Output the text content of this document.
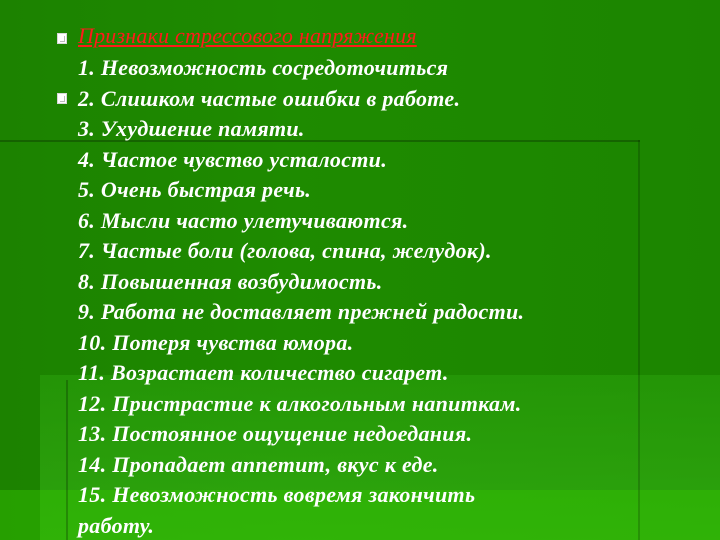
Признаки стрессового напряжения
1. Невозможность сосредоточиться
2. Слишком частые ошибки в работе.
3. Ухудшение памяти.
4. Частое чувство усталости.
5. Очень быстрая речь.
6. Мысли часто улетучиваются.
7. Частые боли (голова, спина, желудок).
8. Повышенная возбудимость.
9. Работа не доставляет прежней радости.
10. Потеря чувства юмора.
11. Возрастает количество сигарет.
12. Пристрастие к алкогольным напиткам.
13. Постоянное ощущение недоедания.
14. Пропадает аппетит, вкус к еде.
15. Невозможность вовремя закончить
работу.
